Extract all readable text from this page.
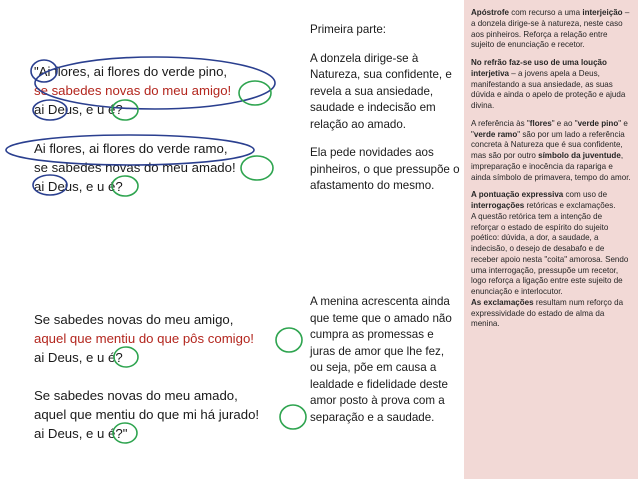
"Ai flores, ai flores do verde pino,
se sabedes novas do meu amigo!
ai Deus, e u é?
Ai flores, ai flores do verde ramo,
se sabedes novas do meu amado!
ai Deus, e u é?
Se sabedes novas do meu amigo,
aquel que mentiu do que pôs comigo!
ai Deus, e u é?
Se sabedes novas do meu amado,
aquel que mentiu do que mi há jurado!
ai Deus, e u é?"

Primeira parte:

A donzela dirige-se à Natureza, sua confidente, e revela a sua ansiedade, saudade e indecisão em relação ao amado.

Ela pede novidades aos pinheiros, o que pressupõe o afastamento do mesmo.

A menina acrescenta ainda que teme que o amado não cumpra as promessas e juras de amor que lhe fez, ou seja, põe em causa a lealdade e fidelidade deste amor posto à prova com a separação e a saudade.

Apóstrofe com recurso a uma interjeição – a donzela dirige-se à natureza, neste caso aos pinheiros. Reforça a relação entre sujeito de enunciação e recetor.

No refrão faz-se uso de uma loução interjetiva – a jovens apela a Deus, manifestando a sua ansiedade, as suas dúvida e ainda o apelo de proteção e ajuda divina.

A referência às "flores" e ao "verde pino" e "verde ramo" são por um lado a referência concreta à Natureza que é sua confidente, mas são por outro símbolo da juventude, impreparação e inocência da rapariga e ainda símbolo de primavera, tempo do amor.

A pontuação expressiva com uso de interrogações retóricas e exclamações.

A questão retórica tem a intenção de reforçar o estado de espírito do sujeito poético: dúvida, a dor, a saudade, a indecisão, o desejo de desabafo e de receber apoio nesta "coita" amorosa. Sendo uma interrogação, pressupõe um recetor, logo reforça a ligação entre este sujeito de enunciação e interlocutor.

As exclamações resultam num reforço da expressividade do estado de alma da menina.
